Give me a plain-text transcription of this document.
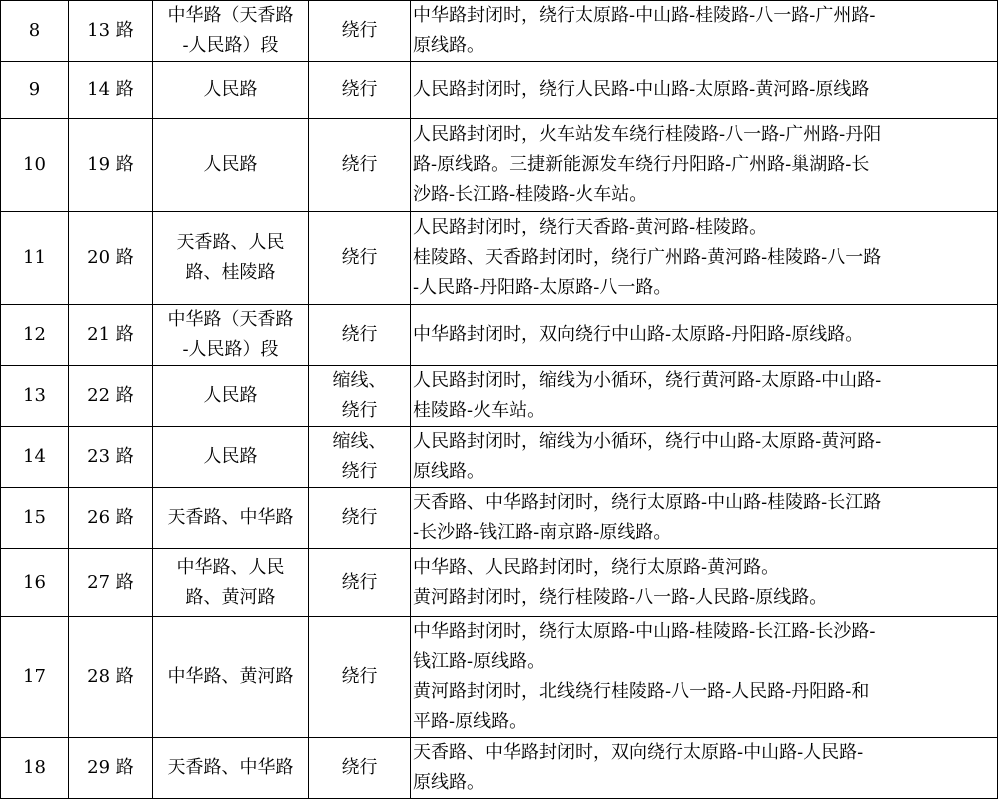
8	13 路	中华路（天香路
-人民路）段	绕行	中华路封闭时，绕行太原路-中山路-桂陵路-八一路-广州路-
原线路。

9	14 路	人民路	绕行	人民路封闭时，绕行人民路-中山路-太原路-黄河路-原线路

10	19 路	人民路	绕行	人民路封闭时，火车站发车绕行桂陵路-八一路-广州路-丹阳
路-原线路。三捷新能源发车绕行丹阳路-广州路-巢湖路-长
沙路-长江路-桂陵路-火车站。

11	20 路	天香路、人民
路、桂陵路	绕行	人民路封闭时，绕行天香路-黄河路-桂陵路。
桂陵路、天香路封闭时，绕行广州路-黄河路-桂陵路-八一路
-人民路-丹阳路-太原路-八一路。

12	21 路	中华路（天香路
-人民路）段	绕行	中华路封闭时，双向绕行中山路-太原路-丹阳路-原线路。

13	22 路	人民路	缩线、
绕行	人民路封闭时，缩线为小循环，绕行黄河路-太原路-中山路-
桂陵路-火车站。

14	23 路	人民路	缩线、
绕行	人民路封闭时，缩线为小循环，绕行中山路-太原路-黄河路-
原线路。

15	26 路	天香路、中华路	绕行	天香路、中华路封闭时，绕行太原路-中山路-桂陵路-长江路
-长沙路-钱江路-南京路-原线路。

16	27 路	中华路、人民
路、黄河路	绕行	中华路、人民路封闭时，绕行太原路-黄河路。
黄河路封闭时，绕行桂陵路-八一路-人民路-原线路。

17	28 路	中华路、黄河路	绕行	中华路封闭时，绕行太原路-中山路-桂陵路-长江路-长沙路-
钱江路-原线路。
黄河路封闭时，北线绕行桂陵路-八一路-人民路-丹阳路-和
平路-原线路。

18	29 路	天香路、中华路	绕行	天香路、中华路封闭时，双向绕行太原路-中山路-人民路-
原线路。
